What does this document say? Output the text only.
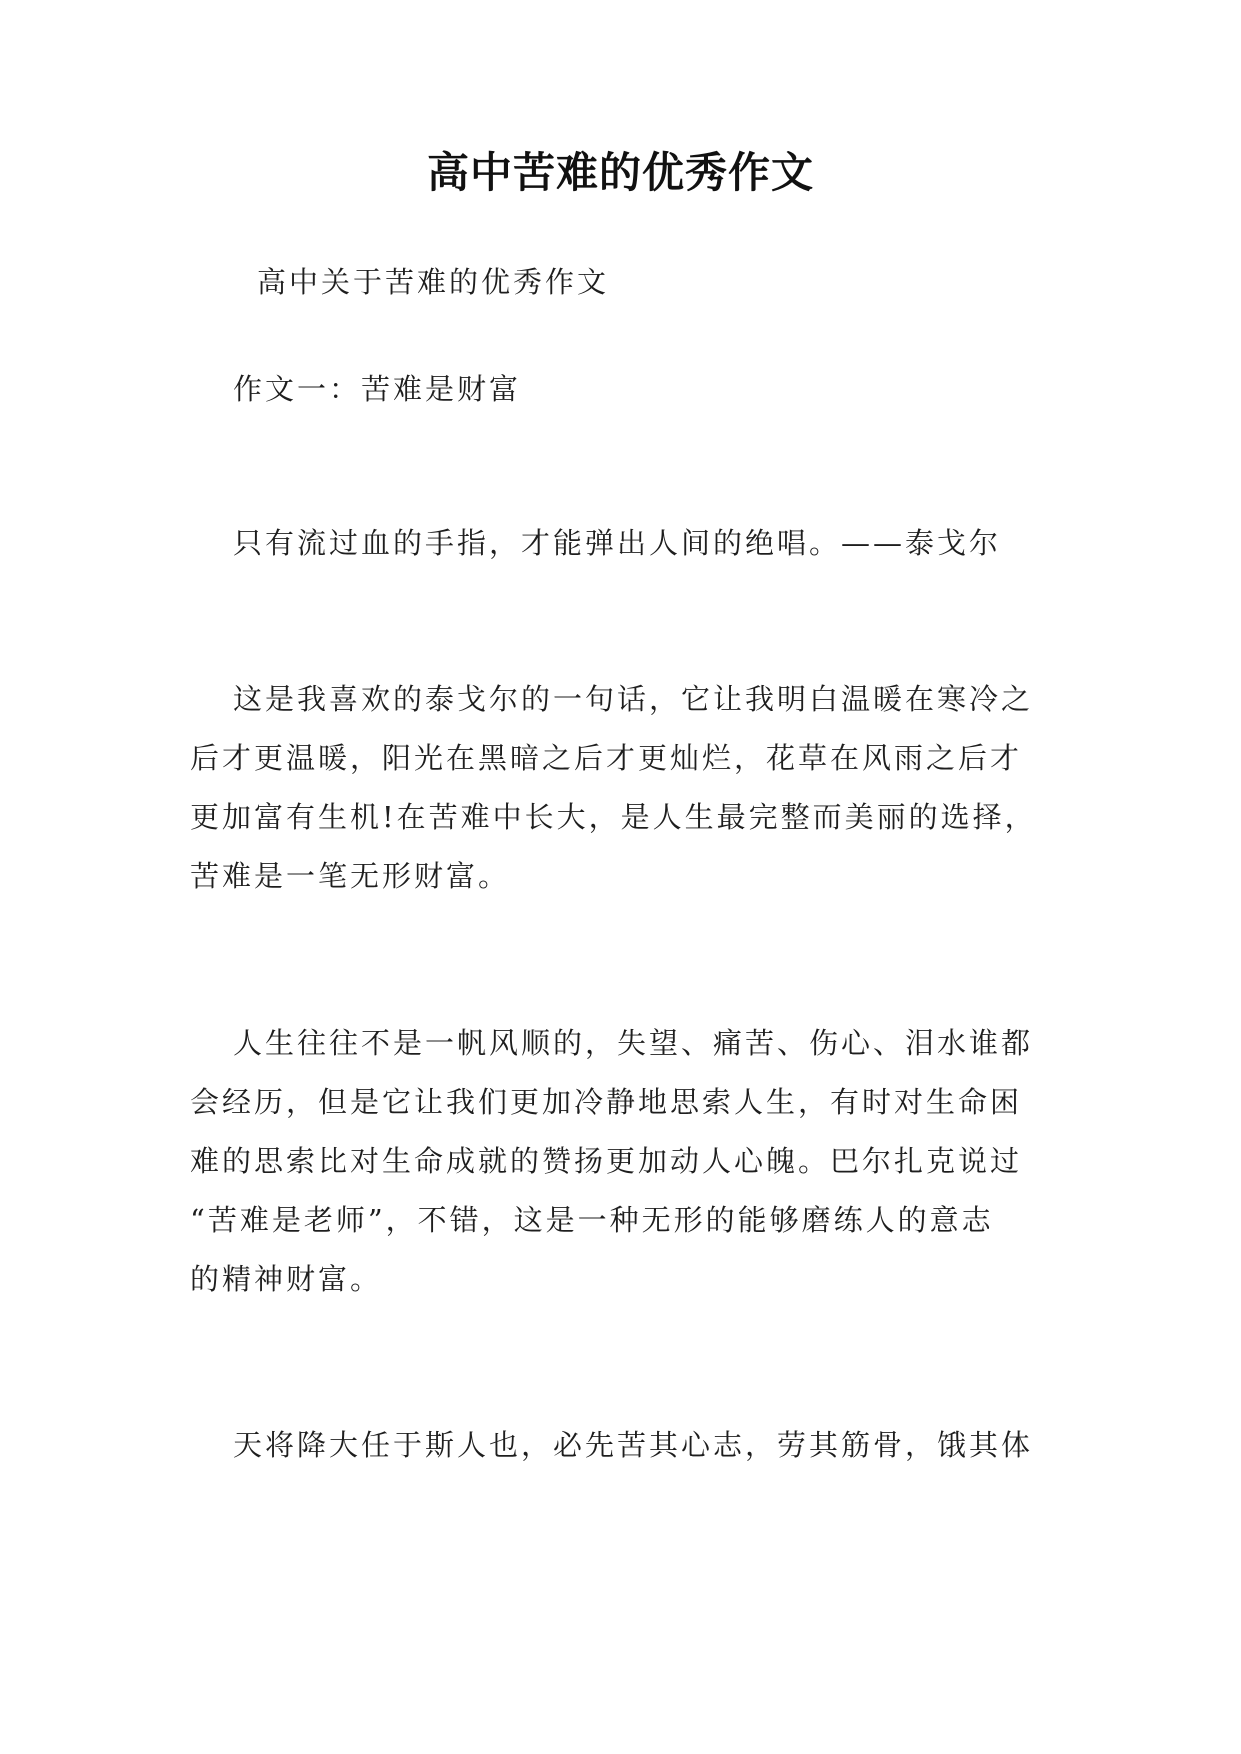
高中苦难的优秀作文
高中关于苦难的优秀作文
作文一：苦难是财富
只有流过血的手指，才能弹出人间的绝唱。——泰戈尔
这是我喜欢的泰戈尔的一句话，它让我明白温暖在寒冷之
后才更温暖，阳光在黑暗之后才更灿烂，花草在风雨之后才
更加富有生机!在苦难中长大，是人生最完整而美丽的选择，
苦难是一笔无形财富。
人生往往不是一帆风顺的，失望、痛苦、伤心、泪水谁都
会经历，但是它让我们更加冷静地思索人生，有时对生命困
难的思索比对生命成就的赞扬更加动人心魄。巴尔扎克说过
“苦难是老师”，不错，这是一种无形的能够磨练人的意志
的精神财富。
天将降大任于斯人也，必先苦其心志，劳其筋骨，饿其体
